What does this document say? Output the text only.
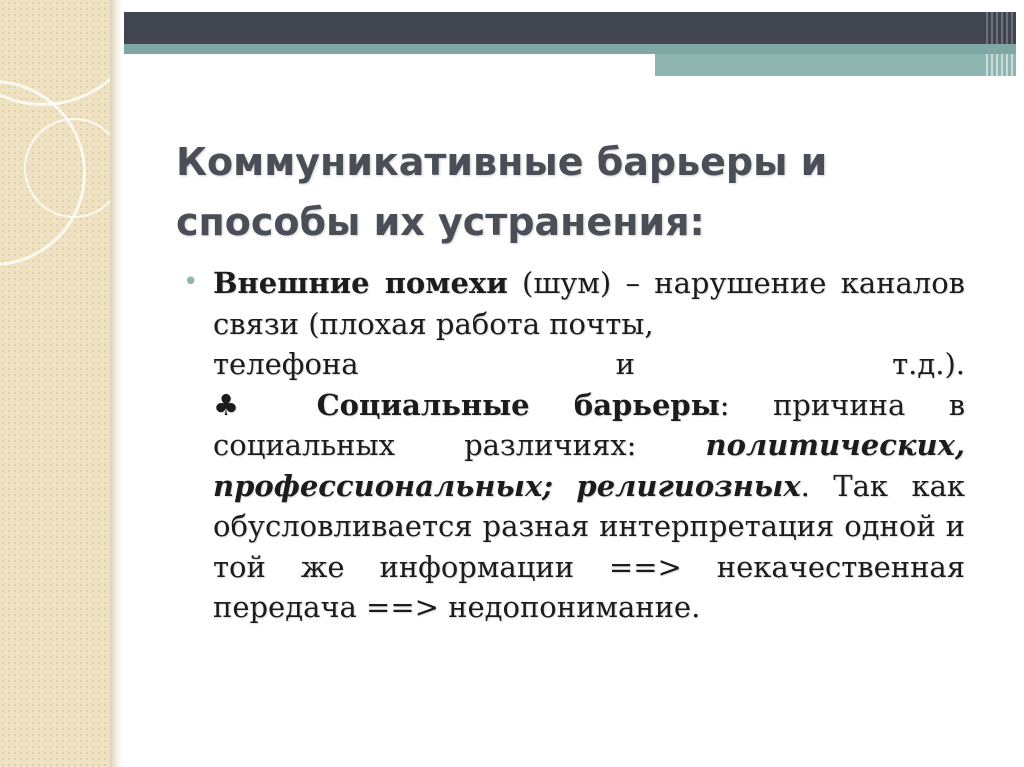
Коммуникативные барьеры и
способы их устранения:
• Внешние помехи (шум) – нарушение каналов связи (плохая работа почты,
телефона	и	т.д.).
♣ Социальные барьеры: причина в социальных различиях: политических, профессиональных; религиозных. Так как обусловливается разная интерпретация одной и той же информации ==> некачественная передача ==> недопонимание.
